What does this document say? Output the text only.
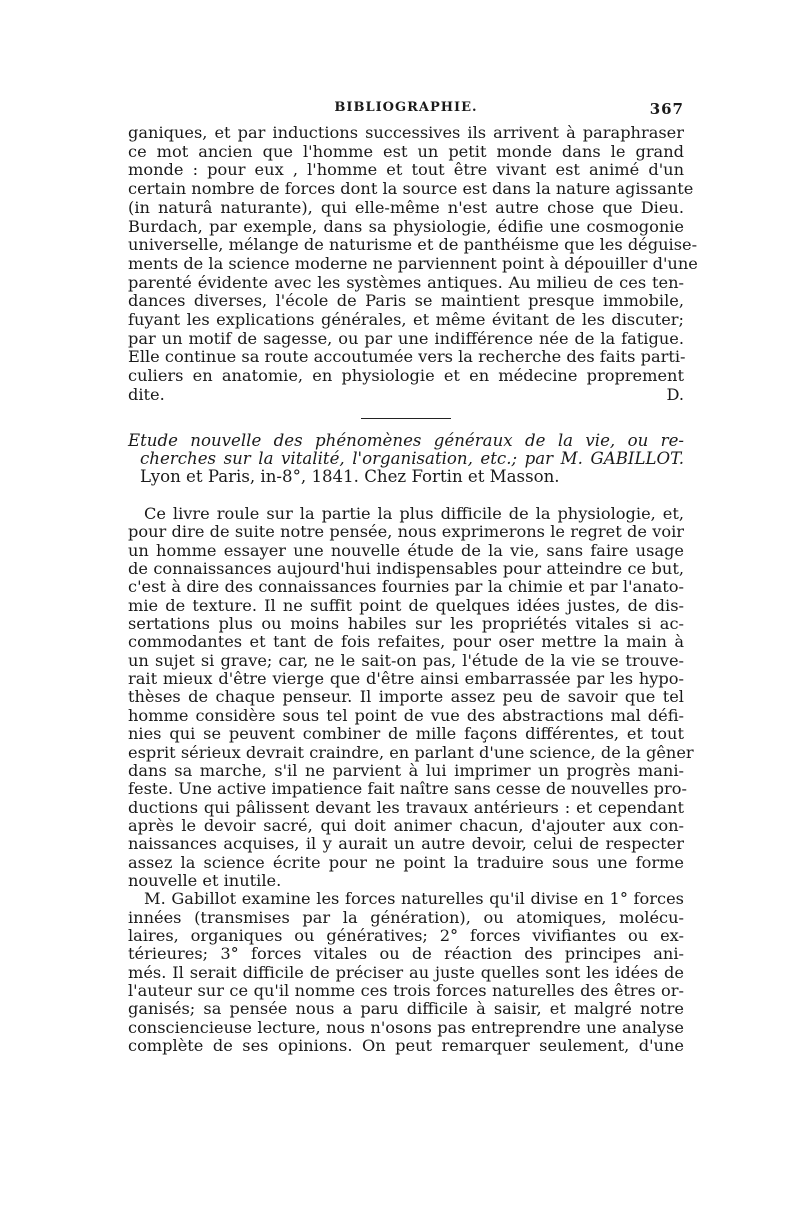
BIBLIOGRAPHIE.	367
ganiques, et par inductions successives ils arrivent à paraphraser
ce mot ancien que l'homme est un petit monde dans le grand
monde : pour eux , l'homme et tout être vivant est animé d'un
certain nombre de forces dont la source est dans la nature agissante
(in naturâ naturante), qui elle-même n'est autre chose que Dieu.
Burdach, par exemple, dans sa physiologie, édifie une cosmogonie
universelle, mélange de naturisme et de panthéisme que les déguise-
ments de la science moderne ne parviennent point à dépouiller d'une
parenté évidente avec les systèmes antiques. Au milieu de ces ten-
dances diverses, l'école de Paris se maintient presque immobile,
fuyant les explications générales, et même évitant de les discuter;
par un motif de sagesse, ou par une indifférence née de la fatigue.
Elle continue sa route accoutumée vers la recherche des faits parti-
culiers en anatomie, en physiologie et en médecine proprement
dite.	D.
Etude nouvelle des phénomènes généraux de la vie, ou re-
cherches sur la vitalité, l'organisation, etc.; par M. GABILLOT.
Lyon et Paris, in-8°, 1841. Chez Fortin et Masson.
Ce livre roule sur la partie la plus difficile de la physiologie, et,
pour dire de suite notre pensée, nous exprimerons le regret de voir
un homme essayer une nouvelle étude de la vie, sans faire usage
de connaissances aujourd'hui indispensables pour atteindre ce but,
c'est à dire des connaissances fournies par la chimie et par l'anato-
mie de texture. Il ne suffit point de quelques idées justes, de dis-
sertations plus ou moins habiles sur les propriétés vitales si ac-
commodantes et tant de fois refaites, pour oser mettre la main à
un sujet si grave; car, ne le sait-on pas, l'étude de la vie se trouve-
rait mieux d'être vierge que d'être ainsi embarrassée par les hypo-
thèses de chaque penseur. Il importe assez peu de savoir que tel
homme considère sous tel point de vue des abstractions mal défi-
nies qui se peuvent combiner de mille façons différentes, et tout
esprit sérieux devrait craindre, en parlant d'une science, de la gêner
dans sa marche, s'il ne parvient à lui imprimer un progrès mani-
feste. Une active impatience fait naître sans cesse de nouvelles pro-
ductions qui pâlissent devant les travaux antérieurs : et cependant
après le devoir sacré, qui doit animer chacun, d'ajouter aux con-
naissances acquises, il y aurait un autre devoir, celui de respecter
assez la science écrite pour ne point la traduire sous une forme
nouvelle et inutile.
M. Gabillot examine les forces naturelles qu'il divise en 1° forces
innées (transmises par la génération), ou atomiques, molécu-
laires, organiques ou génératives; 2° forces vivifiantes ou ex-
térieures; 3° forces vitales ou de réaction des principes ani-
més. Il serait difficile de préciser au juste quelles sont les idées de
l'auteur sur ce qu'il nomme ces trois forces naturelles des êtres or-
ganisés; sa pensée nous a paru difficile à saisir, et malgré notre
consciencieuse lecture, nous n'osons pas entreprendre une analyse
complète de ses opinions. On peut remarquer seulement, d'une
